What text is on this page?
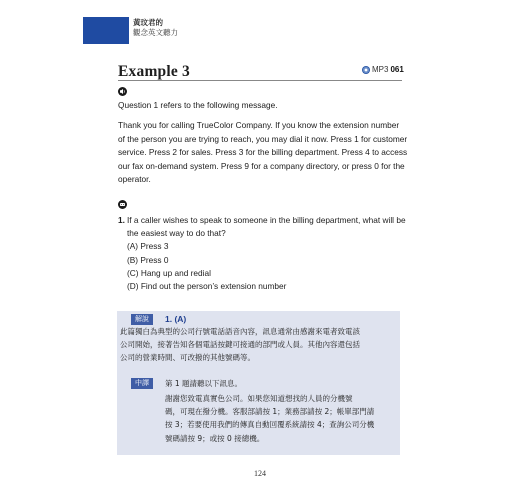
黃玟君的
觀念英文聽力
Example 3	MP3 061
Question 1 refers to the following message.
Thank you for calling TrueColor Company. If you know the extension number of the person you are trying to reach, you may dial it now. Press 1 for customer service. Press 2 for sales. Press 3 for the billing department. Press 4 to access our fax on-demand system. Press 9 for a company directory, or press 0 for the operator.
1. If a caller wishes to speak to someone in the billing department, what will be the easiest way to do that?
(A) Press 3
(B) Press 0
(C) Hang up and redial
(D) Find out the person’s extension number
解說	1. (A)
此篇獨白為典型的公司行號電話語音內容，訊息通常由感謝來電者致電該
公司開始，接著告知各個電話按鍵可接通的部門或人員。其他內容還包括
公司的營業時間、可改撥的其他號碼等。
中譯	第 1 題請聽以下訊息。
謝謝您致電真實色公司。如果您知道想找的人員的分機號
碼，可現在撥分機。客服部請按 1；業務部請按 2；帳單部門請
按 3；若要使用我們的傳真自動回覆系統請按 4；查詢公司分機
號碼請按 9；或按 0 接總機。
124
